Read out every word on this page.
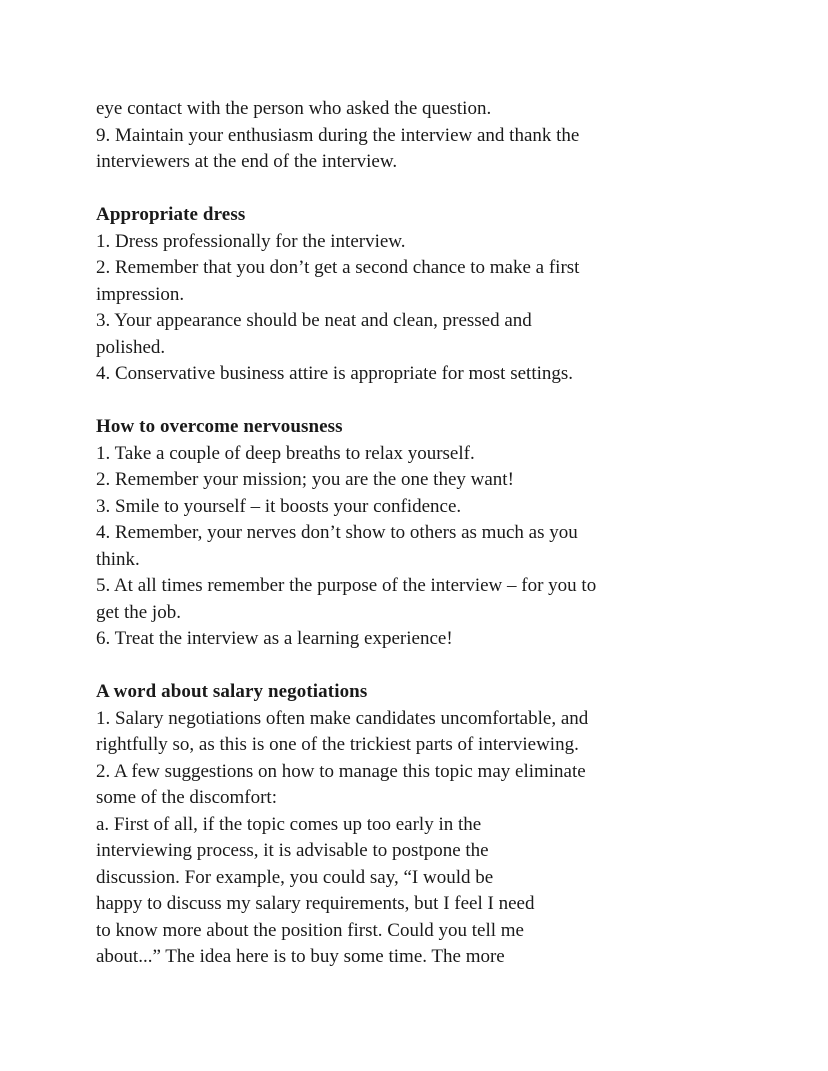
eye contact with the person who asked the question.
9. Maintain your enthusiasm during the interview and thank the
interviewers at the end of the interview.
Appropriate dress
1. Dress professionally for the interview.
2. Remember that you don’t get a second chance to make a first
impression.
3. Your appearance should be neat and clean, pressed and
polished.
4. Conservative business attire is appropriate for most settings.
How to overcome nervousness
1. Take a couple of deep breaths to relax yourself.
2. Remember your mission; you are the one they want!
3. Smile to yourself – it boosts your confidence.
4. Remember, your nerves don’t show to others as much as you
think.
5. At all times remember the purpose of the interview – for you to
get the job.
6. Treat the interview as a learning experience!
A word about salary negotiations
1. Salary negotiations often make candidates uncomfortable, and
rightfully so, as this is one of the trickiest parts of interviewing.
2. A few suggestions on how to manage this topic may eliminate
some of the discomfort:
a. First of all, if the topic comes up too early in the
interviewing process, it is advisable to postpone the
discussion. For example, you could say, “I would be
happy to discuss my salary requirements, but I feel I need
to know more about the position first. Could you tell me
about...” The idea here is to buy some time. The more
